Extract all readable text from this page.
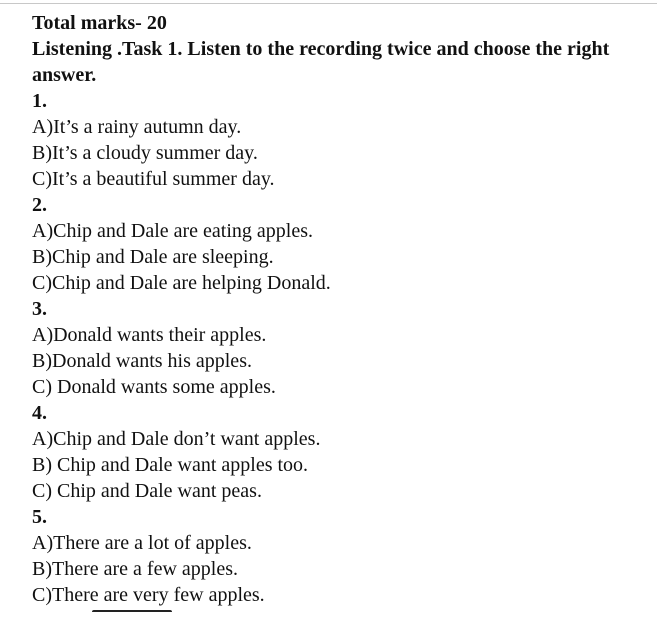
Total marks- 20
Listening .Task 1. Listen to the recording twice and choose the right answer.
1.
A)It’s a rainy autumn day.
B)It’s a cloudy summer day.
C)It’s a beautiful summer day.
2.
A)Chip and Dale are eating apples.
B)Chip and Dale are sleeping.
C)Chip and Dale are helping Donald.
3.
A)Donald wants their apples.
B)Donald wants his apples.
C) Donald wants some apples.
4.
A)Chip and Dale don’t want apples.
B) Chip and Dale want apples too.
C) Chip and Dale want peas.
5.
A)There are a lot of apples.
B)There are a few apples.
C)There are very few apples.
